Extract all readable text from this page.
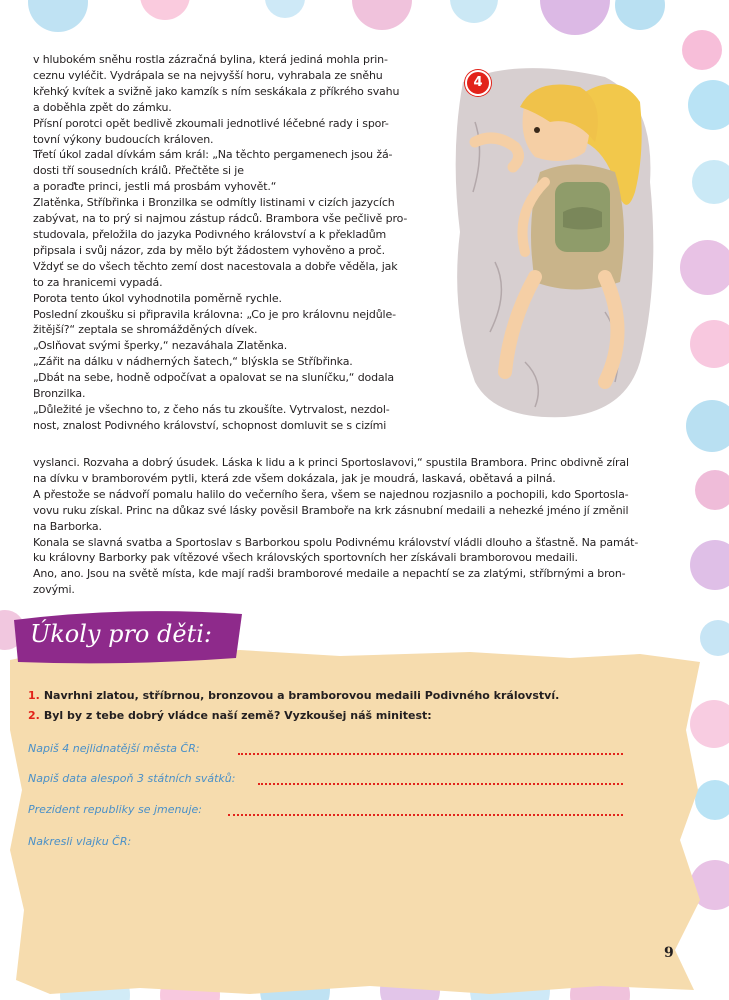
v hlubokém sněhu rostla zázračná bylina, která jediná mohla prin-

ceznu vyléčit. Vydrápala se na nejvyšší horu, vyhrabala ze sněhu

křehký kvítek a svižně jako kamzík s ním seskákala z příkrého svahu

a doběhla zpět do zámku.

Přísní porotci opět bedlivě zkoumali jednotlivé léčebné rady i spor-

tovní výkony budoucích královen.

Třetí úkol zadal dívkám sám král: „Na těchto pergamenech jsou žá-

dosti tří sousedních králů. Přečtěte si je

a poraďte princi, jestli má prosbám vyhovět.“

Zlatěnka, Stříbřinka i Bronzilka se odmítly listinami v cizích jazycích

zabývat, na to prý si najmou zástup rádců. Brambora vše pečlivě pro-

studovala, přeložila do jazyka Podivného království a k překladům

připsala i svůj názor, zda by mělo být žádostem vyhověno a proč.

Vždyť se do všech těchto zemí dost nacestovala a dobře věděla, jak

to za hranicemi vypadá.

Porota tento úkol vyhodnotila poměrně rychle.

Poslední zkoušku si připravila královna: „Co je pro královnu nejdůle-

žitější?“ zeptala se shromážděných dívek.

„Oslňovat svými šperky,“ nezaváhala Zlatěnka.

„Zářit na dálku v nádherných šatech,“ blýskla se Stříbřinka.

„Dbát na sebe, hodně odpočívat a opalovat se na sluníčku,“ dodala

Bronzilka.

„Důležité je všechno to, z čeho nás tu zkoušíte. Vytrvalost, nezdol-

nost, znalost Podivného království, schopnost domluvit se s cizími

vyslanci. Rozvaha a dobrý úsudek. Láska k lidu a k princi Sportoslavovi,“ spustila Brambora. Princ obdivně zíral

na dívku v bramborovém pytli, která zde všem dokázala, jak je moudrá, laskavá, obětavá a pilná.

A přestože se nádvoří pomalu halilo do večerního šera, všem se najednou rozjasnilo a pochopili, kdo Sportosla-

vovu ruku získal. Princ na důkaz své lásky pověsil Bramboře na krk zásnubní medaili a nehezké jméno jí změnil

na Barborka.

Konala se slavná svatba a Sportoslav s Barborkou spolu Podivnému království vládli dlouho a šťastně. Na památ-

ku královny Barborky pak vítězové všech královských sportovních her získávali bramborovou medaili.

Ano, ano. Jsou na světě místa, kde mají radši bramborové medaile a nepachtí se za zlatými, stříbrnými a bron-

zovými.

4
Úkoly pro děti:
1. Navrhni zlatou, stříbrnou, bronzovou a bramborovou medaili Podivného království.
2. Byl by z tebe dobrý vládce naší země? Vyzkoušej náš minitest:
Napiš 4 nejlidnatější města ČR:
Napiš data alespoň 3 státních svátků:
Prezident republiky se jmenuje:
Nakresli vlajku ČR:
9
